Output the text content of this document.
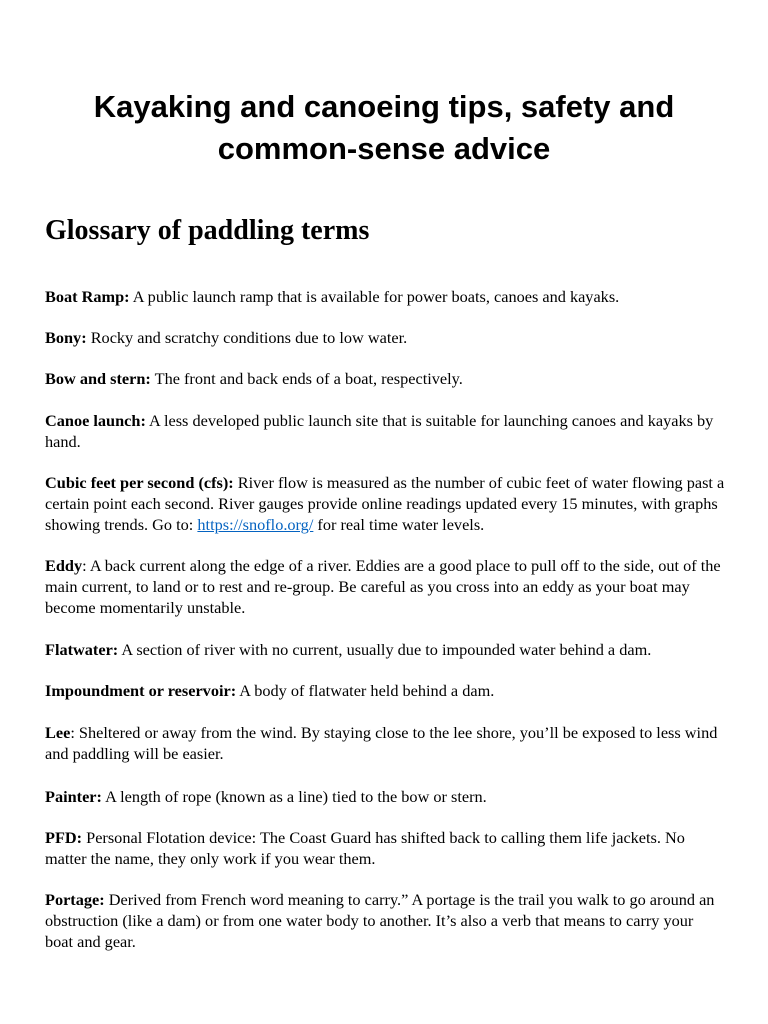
Kayaking and canoeing tips, safety and common-sense advice
Glossary of paddling terms

Boat Ramp: A public launch ramp that is available for power boats, canoes and kayaks.

Bony: Rocky and scratchy conditions due to low water.

Bow and stern: The front and back ends of a boat, respectively.

Canoe launch: A less developed public launch site that is suitable for launching canoes and kayaks by hand.

Cubic feet per second (cfs): River flow is measured as the number of cubic feet of water flowing past a certain point each second. River gauges provide online readings updated every 15 minutes, with graphs showing trends. Go to: https://snoflo.org/ for real time water levels.

Eddy: A back current along the edge of a river. Eddies are a good place to pull off to the side, out of the main current, to land or to rest and re-group. Be careful as you cross into an eddy as your boat may become momentarily unstable.

Flatwater: A section of river with no current, usually due to impounded water behind a dam.

Impoundment or reservoir: A body of flatwater held behind a dam.

Lee: Sheltered or away from the wind. By staying close to the lee shore, you’ll be exposed to less wind and paddling will be easier.

Painter: A length of rope (known as a line) tied to the bow or stern.

PFD: Personal Flotation device: The Coast Guard has shifted back to calling them life jackets. No matter the name, they only work if you wear them.

Portage: Derived from French word meaning to carry.” A portage is the trail you walk to go around an obstruction (like a dam) or from one water body to another. It’s also a verb that means to carry your boat and gear.
